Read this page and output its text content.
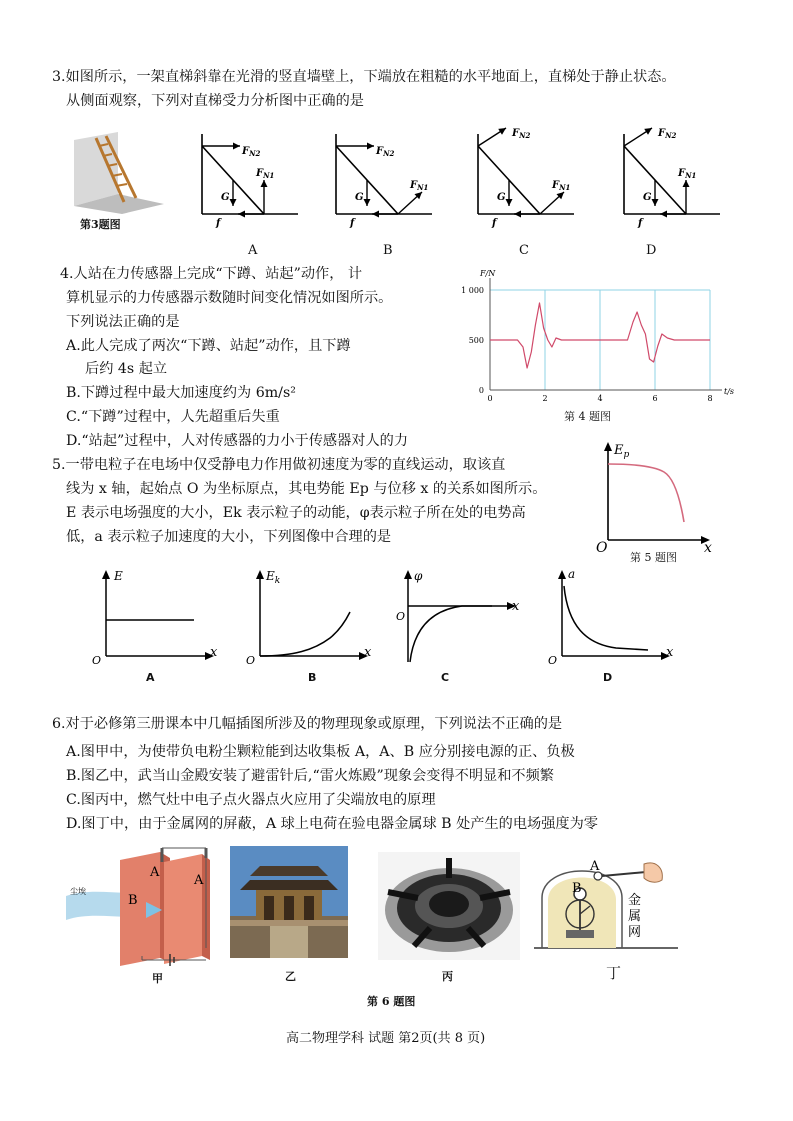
3.如图所示，一架直梯斜靠在光滑的竖直墙壁上，下端放在粗糙的水平地面上，直梯处于静止状态。
从侧面观察，下列对直梯受力分析图中正确的是
第3题图
G
f
$F_{N2}$
$F_{N1}$
G
f
$F_{N2}$
$F_{N1}$
G
f
$F_{N2}$
$F_{N1}$
G
f
$F_{N2}$
$F_{N1}$
A	B	C	D
4.人站在力传感器上完成“下蹲、站起”动作， 计
算机显示的力传感器示数随时间变化情况如图所示。
下列说法正确的是
A.此人完成了两次“下蹲、站起”动作，且下蹲
后约 4s 起立
B.下蹲过程中最大加速度约为 6m/s²
C.“下蹲”过程中，人先超重后失重
D.“站起”过程中，人对传感器的力小于传感器对人的力
0
500
1 000
0	2	4	6	8
F/N
t/s
第 4 题图
5.一带电粒子在电场中仅受静电力作用做初速度为零的直线运动，取该直
线为 x 轴，起始点 O 为坐标原点，其电势能 Ep 与位移 x 的关系如图所示。
E 表示电场强度的大小，Ek 表示粒子的动能，φ表示粒子所在处的电势高
低，a 表示粒子加速度的大小，下列图像中合理的是
$E_p$
O	x
第 5 题图
E
O
x
A
$E_k$
O
x
B
φ
O
x
C
a
O
x
D
6.对于必修第三册课本中几幅插图所涉及的物理现象或原理，下列说法不正确的是
A.图甲中，为使带负电粉尘颗粒能到达收集板 A，A、B 应分别接电源的正、负极
B.图乙中，武当山金殿安装了避雷针后,“雷火炼殿”现象会变得不明显和不频繁
C.图丙中，燃气灶中电子点火器点火应用了尖端放电的原理
D.图丁中，由于金属网的屏蔽，A 球上电荷在验电器金属球 B 处产生的电场强度为零
尘埃
A
A
B
甲	乙	丙
A
B
金
属
网
丁
第 6 题图
高二物理学科 试题 第2页(共 8 页)
